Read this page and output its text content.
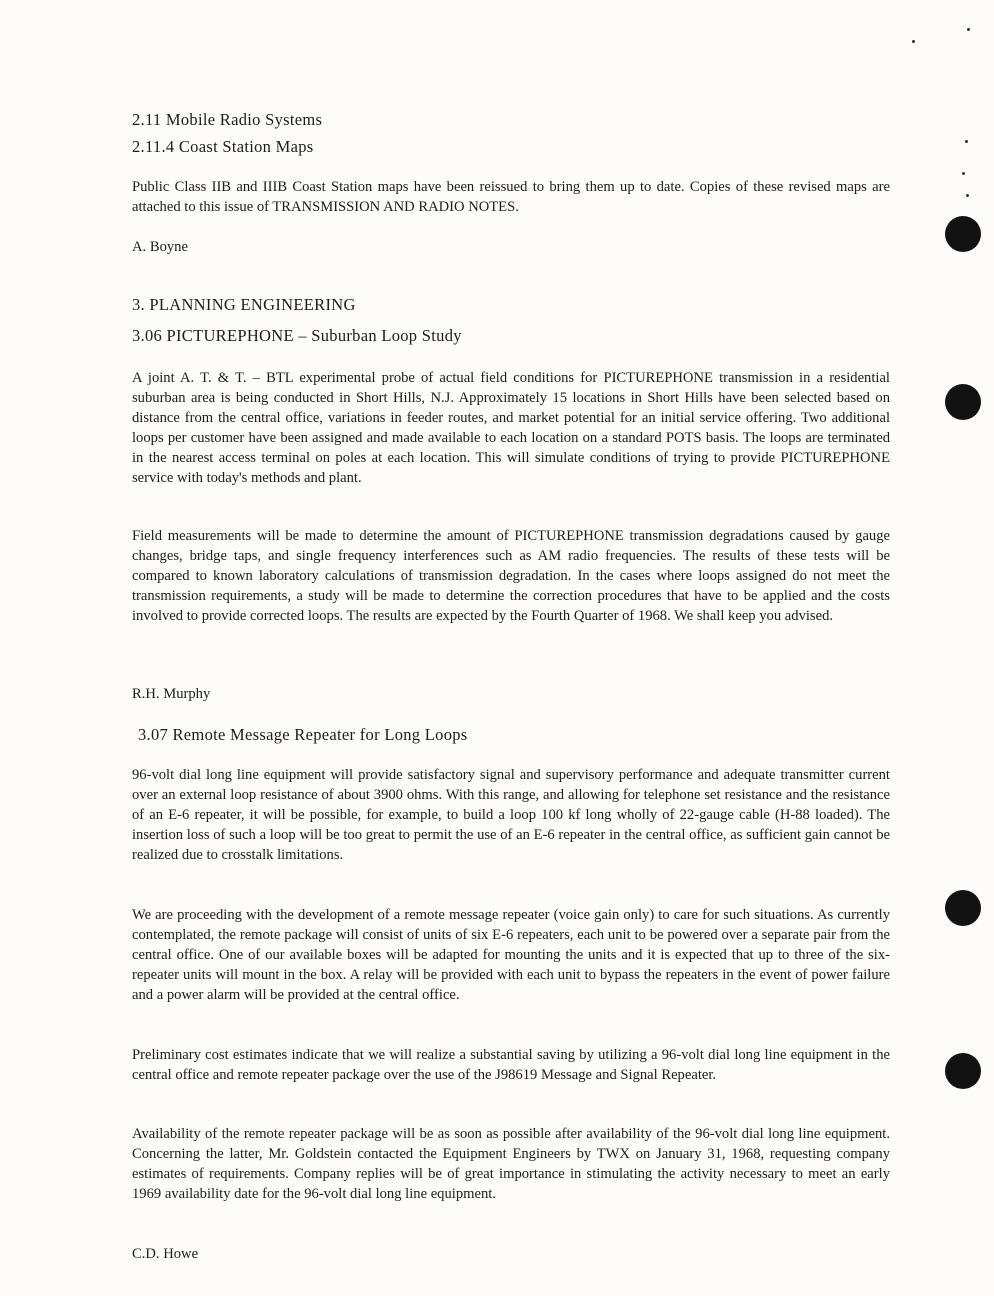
2.11 Mobile Radio Systems
2.11.4 Coast Station Maps
Public Class IIB and IIIB Coast Station maps have been reissued to bring them up to date. Copies of these revised maps are attached to this issue of TRANSMISSION AND RADIO NOTES.
A. Boyne
3. PLANNING ENGINEERING
3.06 PICTUREPHONE – Suburban Loop Study
A joint A. T. & T. – BTL experimental probe of actual field conditions for PICTUREPHONE transmission in a residential suburban area is being conducted in Short Hills, N.J. Approximately 15 locations in Short Hills have been selected based on distance from the central office, variations in feeder routes, and market potential for an initial service offering. Two additional loops per customer have been assigned and made available to each location on a standard POTS basis. The loops are terminated in the nearest access terminal on poles at each location. This will simulate conditions of trying to provide PICTUREPHONE service with today's methods and plant.
Field measurements will be made to determine the amount of PICTUREPHONE transmission degradations caused by gauge changes, bridge taps, and single frequency interferences such as AM radio frequencies. The results of these tests will be compared to known laboratory calculations of transmission degradation. In the cases where loops assigned do not meet the transmission requirements, a study will be made to determine the correction procedures that have to be applied and the costs involved to provide corrected loops. The results are expected by the Fourth Quarter of 1968. We shall keep you advised.
R.H. Murphy
3.07 Remote Message Repeater for Long Loops
96-volt dial long line equipment will provide satisfactory signal and supervisory performance and adequate transmitter current over an external loop resistance of about 3900 ohms. With this range, and allowing for telephone set resistance and the resistance of an E-6 repeater, it will be possible, for example, to build a loop 100 kf long wholly of 22-gauge cable (H-88 loaded). The insertion loss of such a loop will be too great to permit the use of an E-6 repeater in the central office, as sufficient gain cannot be realized due to crosstalk limitations.
We are proceeding with the development of a remote message repeater (voice gain only) to care for such situations. As currently contemplated, the remote package will consist of units of six E-6 repeaters, each unit to be powered over a separate pair from the central office. One of our available boxes will be adapted for mounting the units and it is expected that up to three of the six-repeater units will mount in the box. A relay will be provided with each unit to bypass the repeaters in the event of power failure and a power alarm will be provided at the central office.
Preliminary cost estimates indicate that we will realize a substantial saving by utilizing a 96-volt dial long line equipment in the central office and remote repeater package over the use of the J98619 Message and Signal Repeater.
Availability of the remote repeater package will be as soon as possible after availability of the 96-volt dial long line equipment. Concerning the latter, Mr. Goldstein contacted the Equipment Engineers by TWX on January 31, 1968, requesting company estimates of requirements. Company replies will be of great importance in stimulating the activity necessary to meet an early 1969 availability date for the 96-volt dial long line equipment.
C.D. Howe
